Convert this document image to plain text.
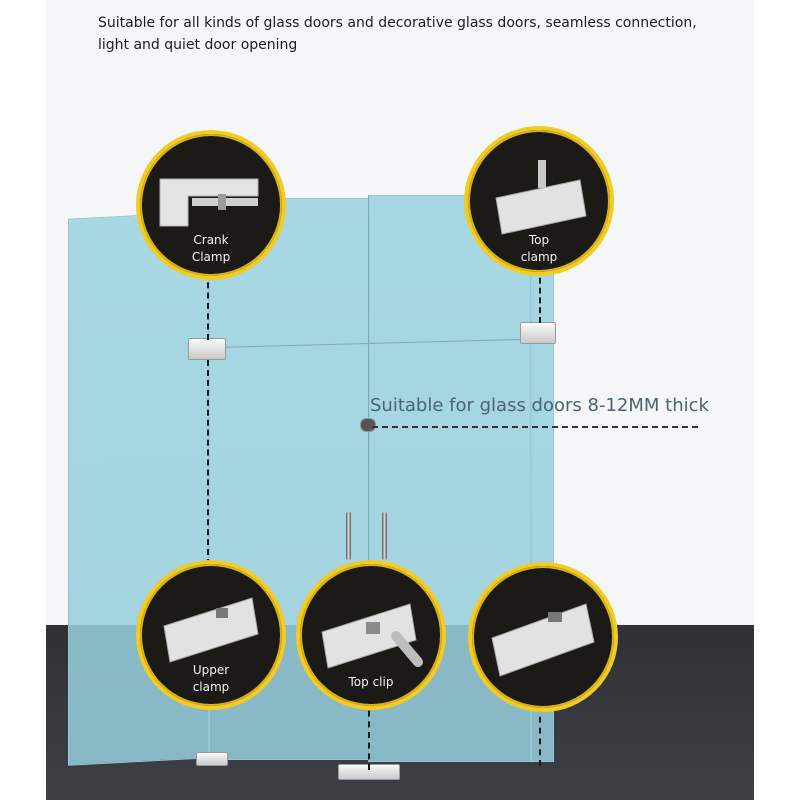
Suitable for all kinds of glass doors and decorative glass doors, seamless connection, light and quiet door opening
Suitable for glass doors 8-12MM thick
Crank
Clamp
Top
clamp
Upper
clamp	Top clip
